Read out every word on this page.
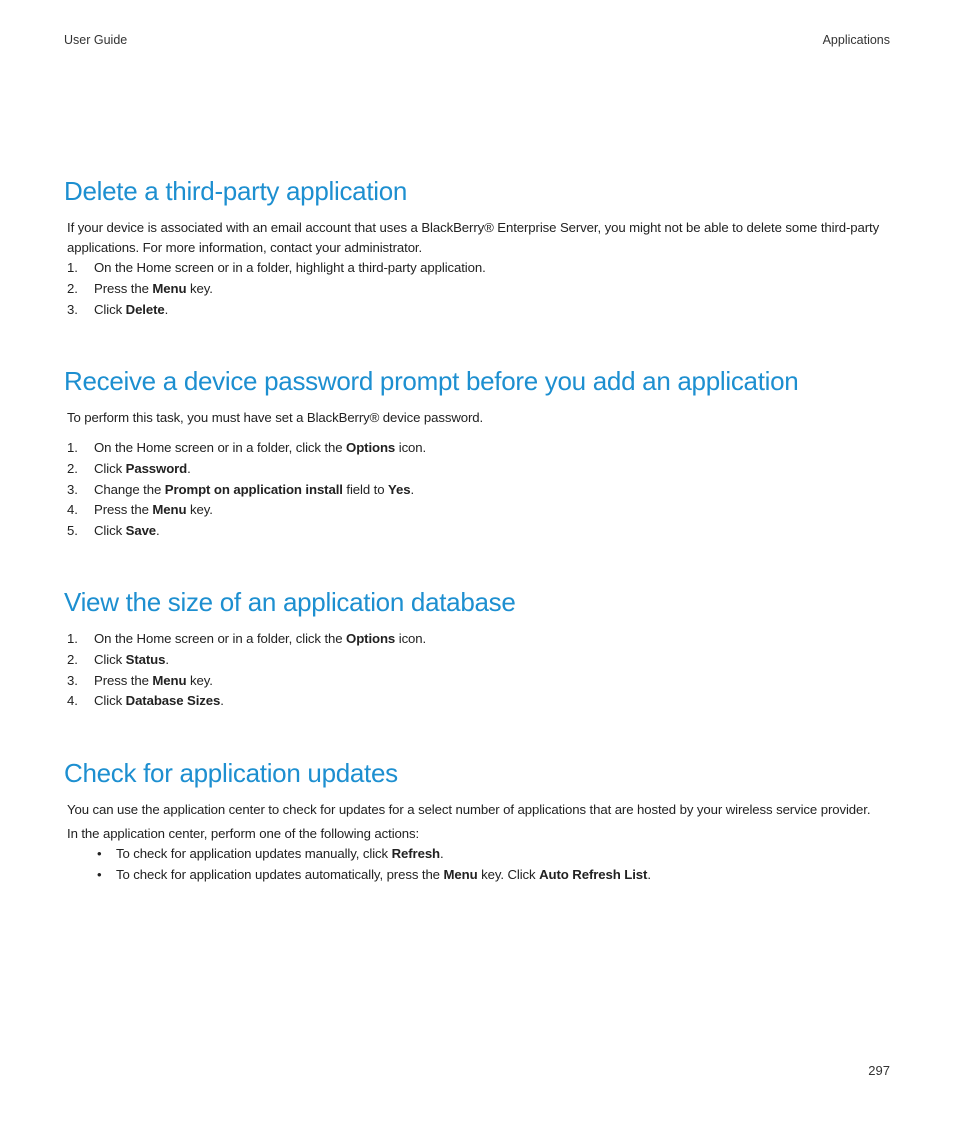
User Guide	Applications
Delete a third-party application

If your device is associated with an email account that uses a BlackBerry® Enterprise Server, you might not be able to delete some third-party applications. For more information, contact your administrator.

1. On the Home screen or in a folder, highlight a third-party application.
2. Press the Menu key.
3. Click Delete.
Receive a device password prompt before you add an application

To perform this task, you must have set a BlackBerry® device password.

1. On the Home screen or in a folder, click the Options icon.
2. Click Password.
3. Change the Prompt on application install field to Yes.
4. Press the Menu key.
5. Click Save.
View the size of an application database
1. On the Home screen or in a folder, click the Options icon.
2. Click Status.
3. Press the Menu key.
4. Click Database Sizes.
Check for application updates

You can use the application center to check for updates for a select number of applications that are hosted by your wireless service provider.

In the application center, perform one of the following actions:

• To check for application updates manually, click Refresh.
• To check for application updates automatically, press the Menu key. Click Auto Refresh List.
297
